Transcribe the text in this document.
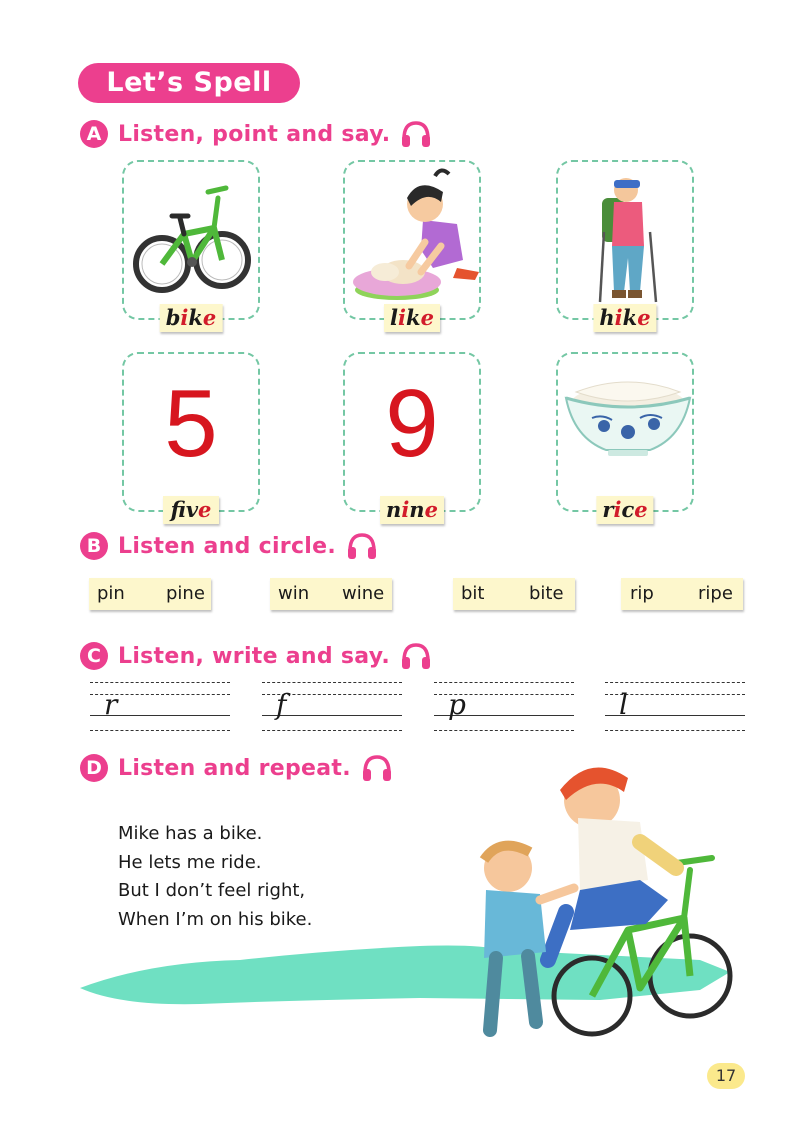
Let’s Spell
A Listen, point and say.
bike	like	hike
5
fve
9
nine	rice
B Listen and circle.
pin pine	win wine	bit bite	rip ripe
C Listen, write and say.
r	f	p	l
D Listen and repeat.
Mike has a bike.
He lets me ride.
But I don’t feel right,
When I’m on his bike.
17
